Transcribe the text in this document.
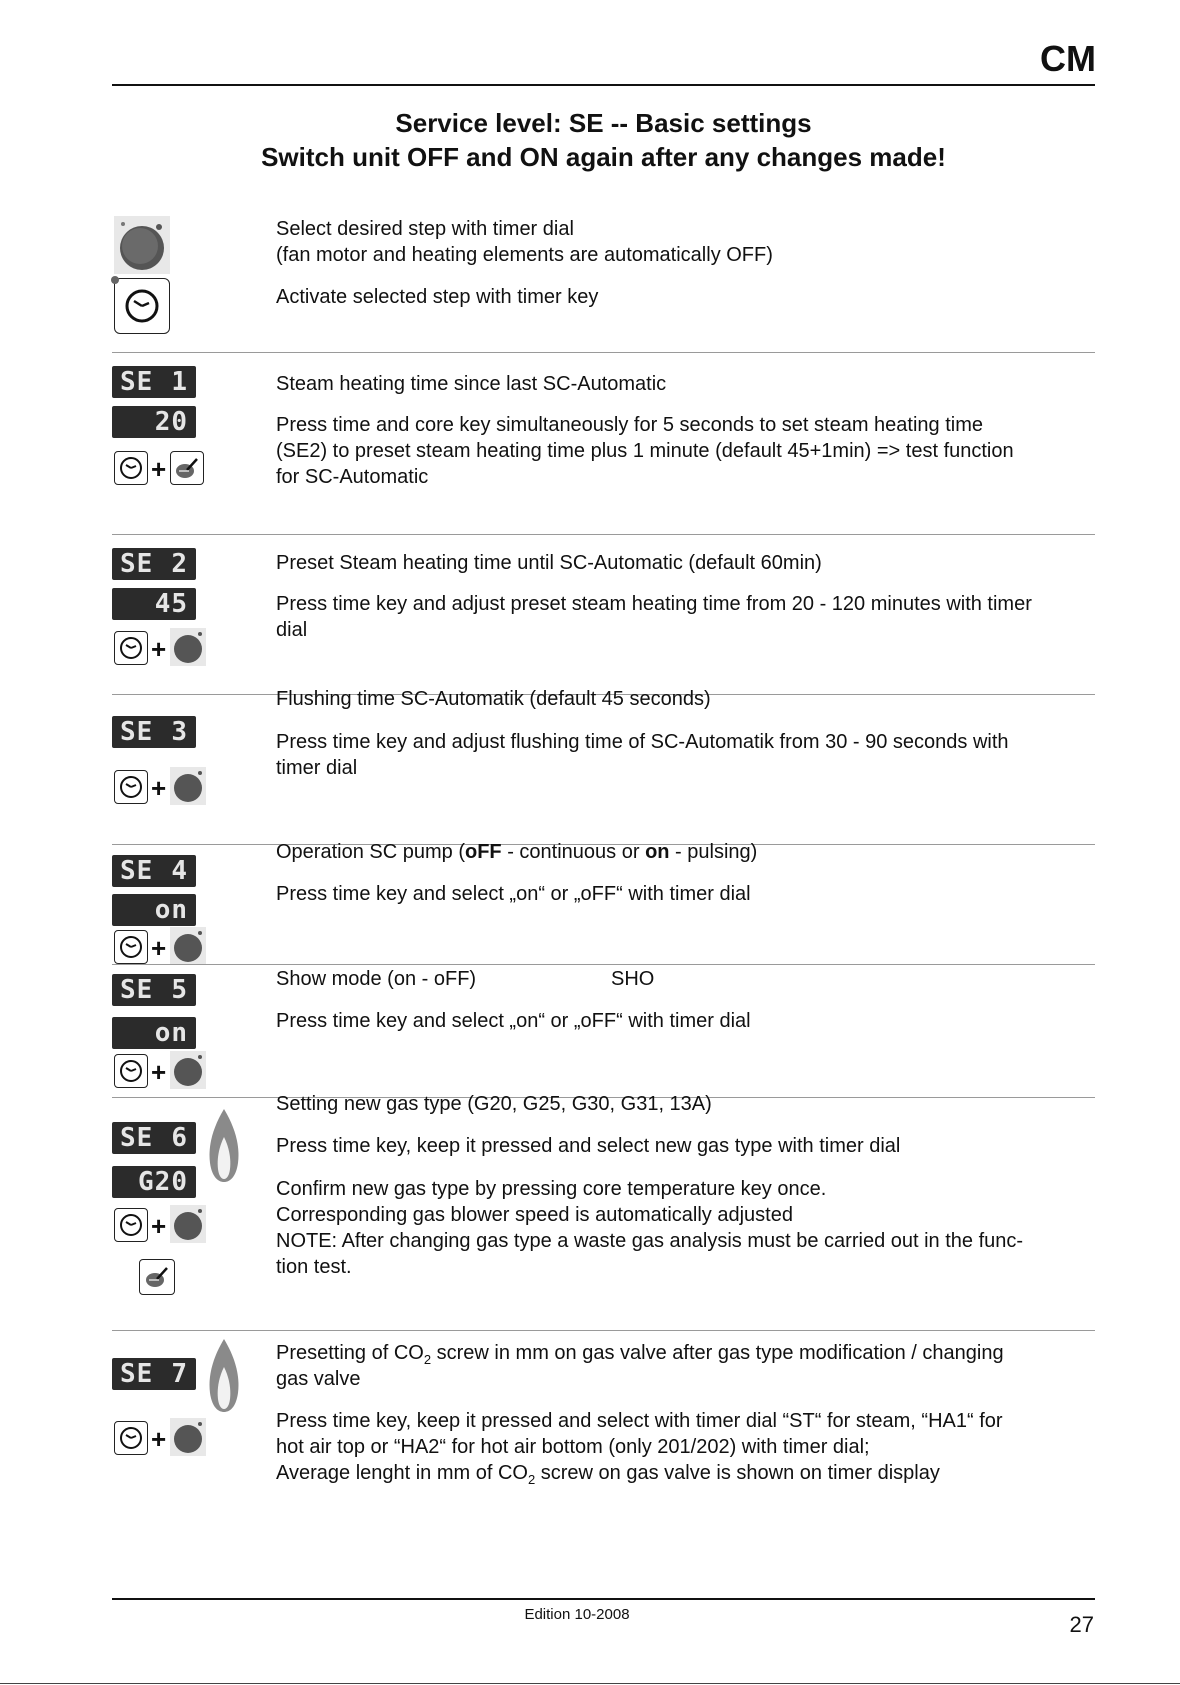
CM
Service level: SE -- Basic settings
Switch unit OFF and ON again after any changes made!
Select desired step with timer dial
(fan motor and heating elements are automatically OFF)
Activate selected step with timer key
SE 1
20
+
Steam heating time since last SC-Automatic
Press time and core key simultaneously for 5 seconds to set steam heating time
(SE2) to preset steam heating time plus 1 minute (default 45+1min) => test function
for SC-Automatic
SE 2
45
+
Preset Steam heating time until SC-Automatic (default 60min)
Press time key and adjust preset steam heating time from 20 - 120 minutes with timer
dial
SE 3
+
Flushing time SC-Automatik (default 45 seconds)
Press time key and adjust flushing time of SC-Automatik from 30 - 90 seconds with
timer dial
SE 4
on
+
Operation SC pump (oFF - continuous or on - pulsing)
Press time key and select „on“ or „oFF“ with timer dial
SE 5
on
+
Show mode (on - oFF)	SHO
Press time key and select „on“ or „oFF“ with timer dial
SE 6
G20
+
Setting new gas type (G20, G25, G30, G31, 13A)
Press time key, keep it pressed and select new gas type with timer dial
Confirm new gas type by pressing core temperature key once.
Corresponding gas blower speed is automatically adjusted
NOTE: After changing gas type a waste gas analysis must be carried out in the func-
tion test.
SE 7
+
Presetting of $CO_2$ screw in mm on gas valve after gas type modification / changing
gas valve
Press time key, keep it pressed and select with timer dial “ST“ for steam, “HA1“ for
hot air top or “HA2“ for hot air bottom (only 201/202) with timer dial;
Average lenght in mm of $CO_2$ screw on gas valve is shown on timer display
Edition 10-2008	27
